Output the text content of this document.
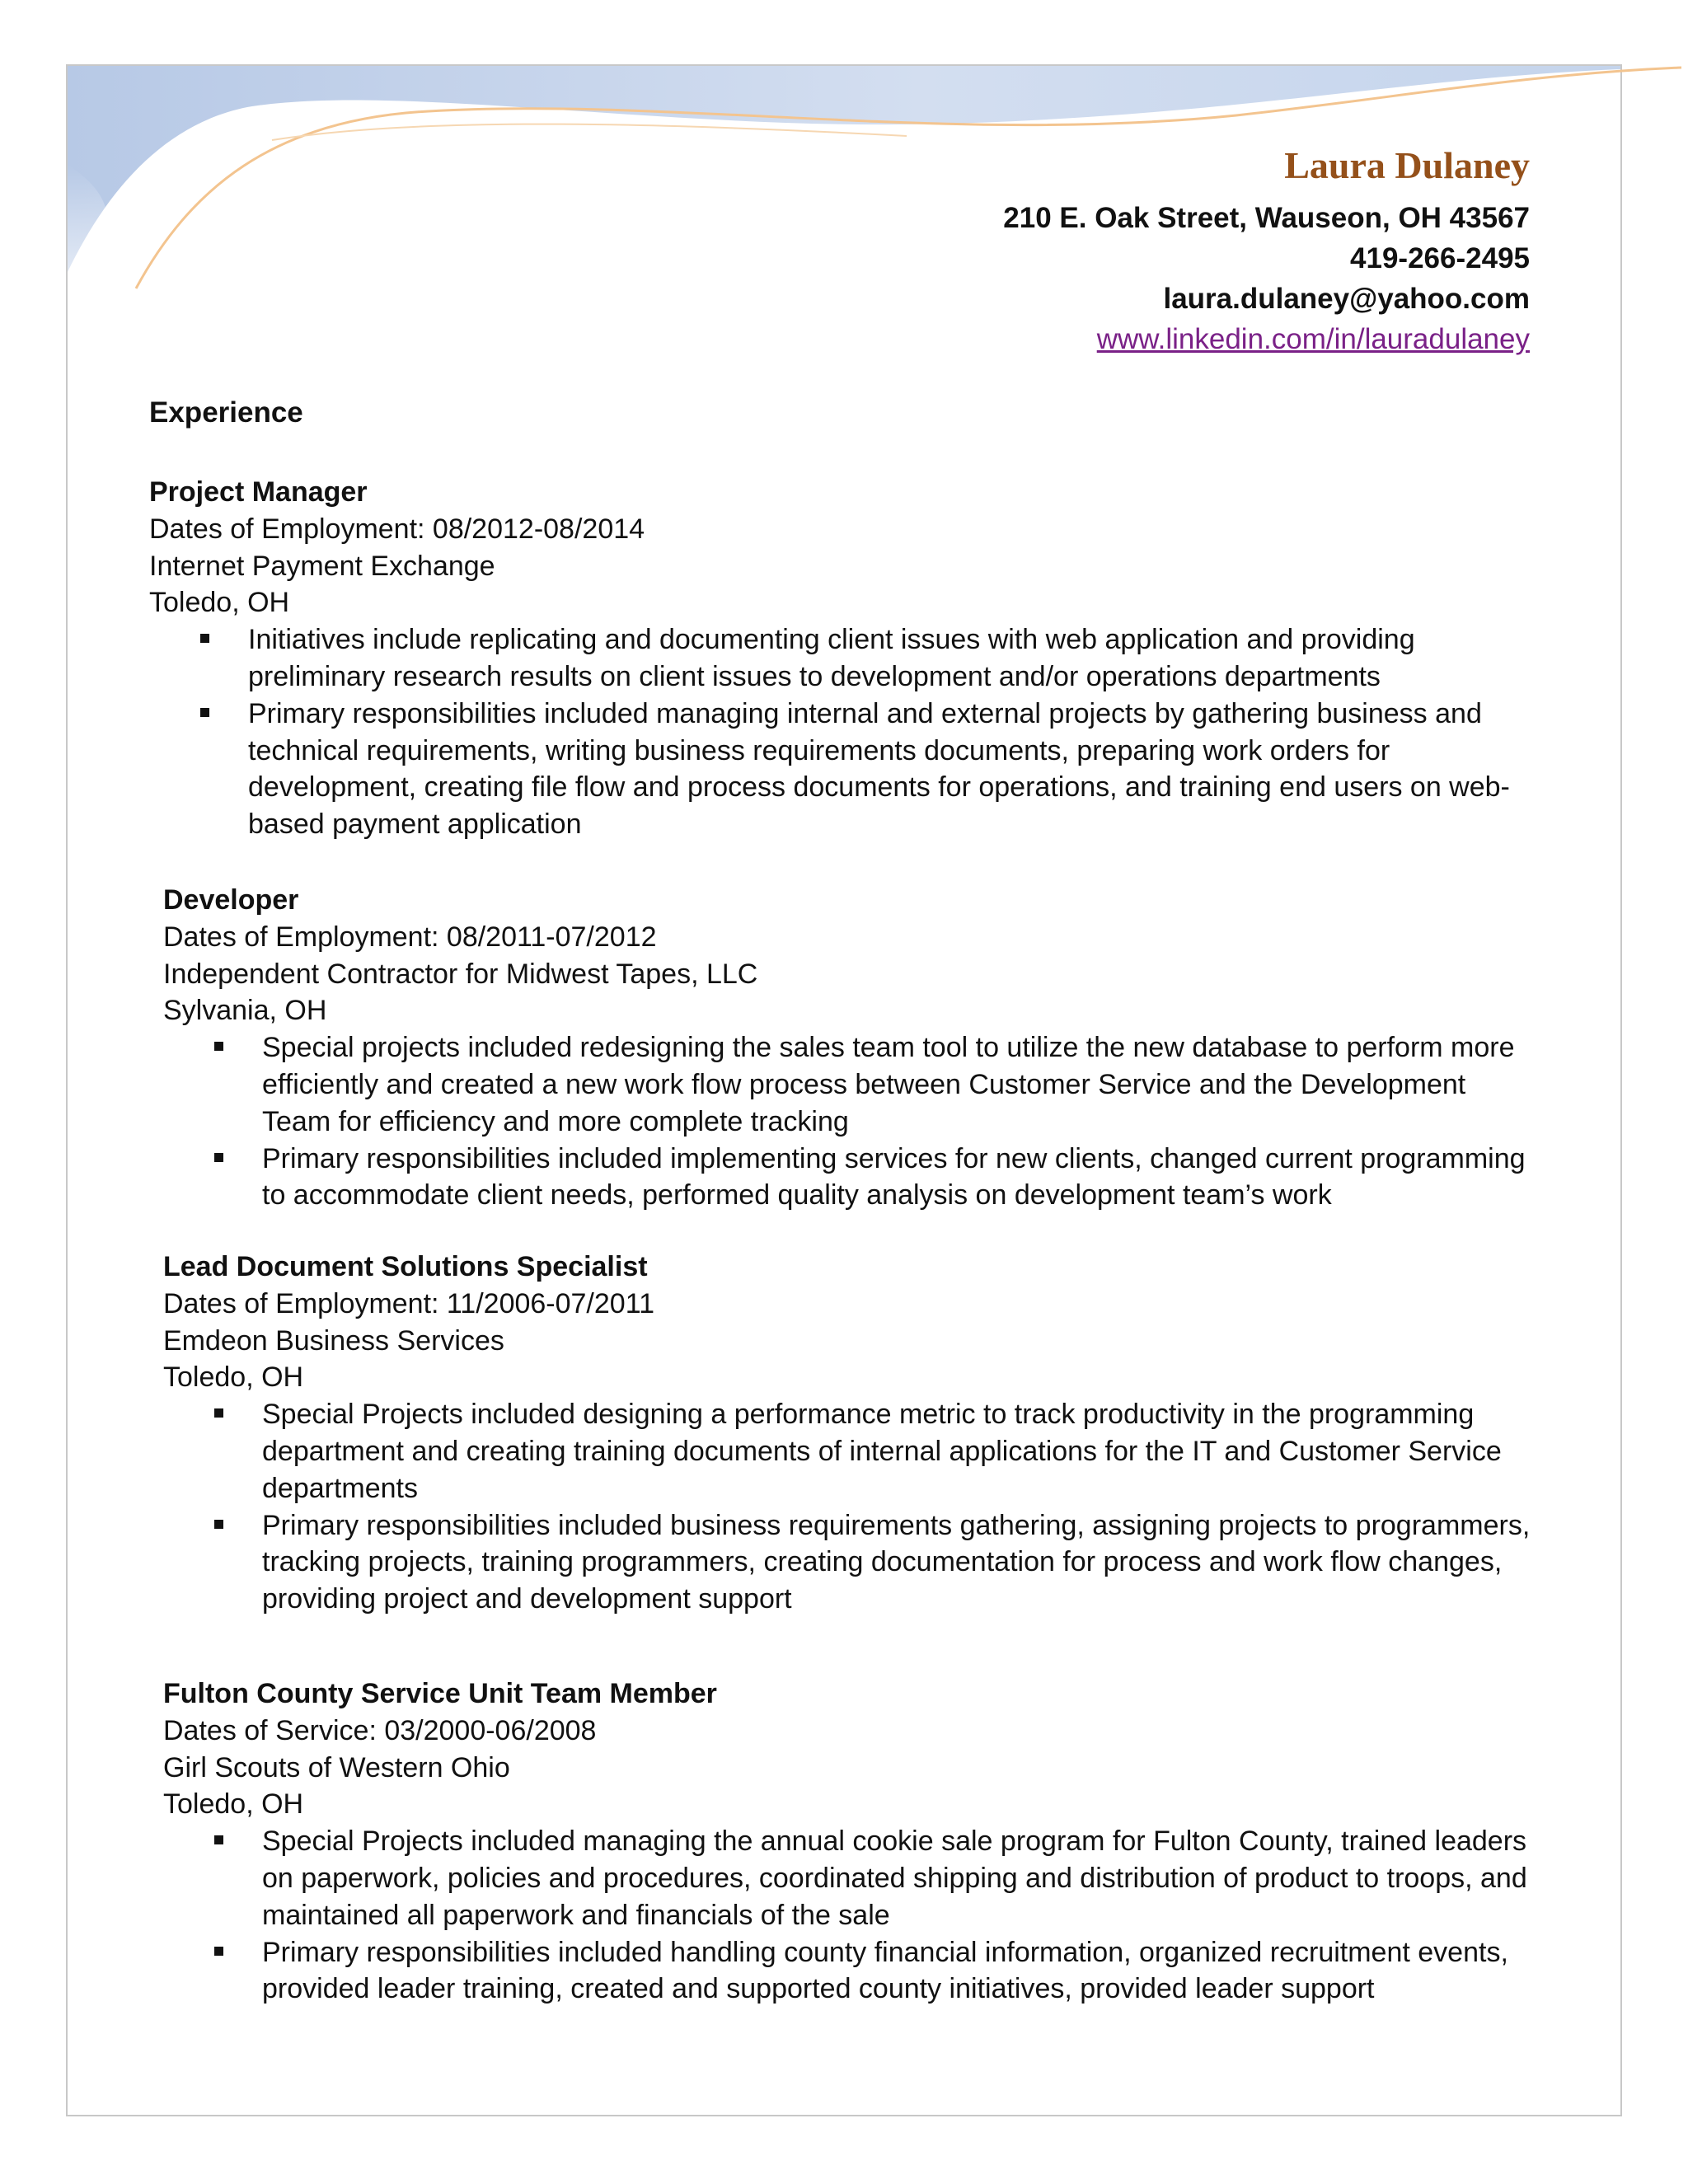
Laura Dulaney
210 E. Oak Street, Wauseon, OH 43567
419-266-2495
laura.dulaney@yahoo.com
www.linkedin.com/in/lauradulaney
Experience
Project Manager
Dates of Employment: 08/2012-08/2014
Internet Payment Exchange
Toledo, OH
Initiatives include replicating and documenting client issues with web application and providing preliminary research results on client issues to development and/or operations departments
Primary responsibilities included managing internal and external projects by gathering business and technical requirements, writing business requirements documents, preparing work orders for development, creating file flow and process documents for operations, and training end users on web-based payment application
Developer
Dates of Employment: 08/2011-07/2012
Independent Contractor for Midwest Tapes, LLC
Sylvania, OH
Special projects included redesigning the sales team tool to utilize the new database to perform more efficiently and created a new work flow process between Customer Service and the Development Team for efficiency and more complete tracking
Primary responsibilities included implementing services for new clients, changed current programming to accommodate client needs, performed quality analysis on development team’s work
Lead Document Solutions Specialist
Dates of Employment: 11/2006-07/2011
Emdeon Business Services
Toledo, OH
Special Projects included designing a performance metric to track productivity in the programming department and creating training documents of internal applications for the IT and Customer Service departments
Primary responsibilities included business requirements gathering, assigning projects to programmers, tracking projects, training programmers, creating documentation for process and work flow changes, providing project and development support
Fulton County Service Unit Team Member
Dates of Service: 03/2000-06/2008
Girl Scouts of Western Ohio
Toledo, OH
Special Projects included managing the annual cookie sale program for Fulton County, trained leaders on paperwork, policies and procedures, coordinated shipping and distribution of product to troops, and maintained all paperwork and financials of the sale
Primary responsibilities included handling county financial information, organized recruitment events, provided leader training, created and supported county initiatives, provided leader support
